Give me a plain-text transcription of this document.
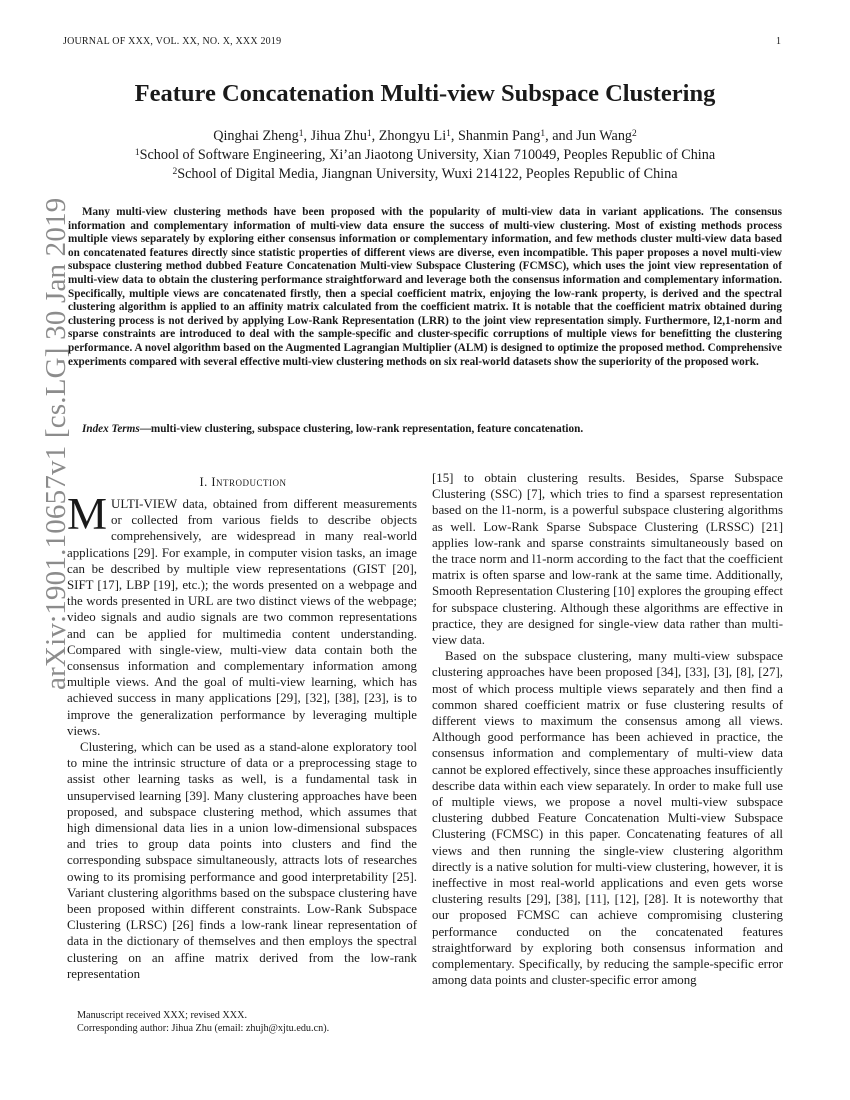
JOURNAL OF XXX, VOL. XX, NO. X, XXX 2019	1
arXiv:1901.10657v1 [cs.LG] 30 Jan 2019
Feature Concatenation Multi-view Subspace Clustering
Qinghai Zheng$^1$, Jihua Zhu$^1$, Zhongyu Li$^1$, Shanmin Pang$^1$, and Jun Wang$^2$
$^1$School of Software Engineering, Xi’an Jiaotong University, Xian 710049, Peoples Republic of China
$^2$School of Digital Media, Jiangnan University, Wuxi 214122, Peoples Republic of China
Many multi-view clustering methods have been proposed with the popularity of multi-view data in variant applications. The consensus information and complementary information of multi-view data ensure the success of multi-view clustering. Most of existing methods process multiple views separately by exploring either consensus information or complementary information, and few methods cluster multi-view data based on concatenated features directly since statistic properties of different views are diverse, even incompatible. This paper proposes a novel multi-view subspace clustering method dubbed Feature Concatenation Multi-view Subspace Clustering (FCMSC), which uses the joint view representation of multi-view data to obtain the clustering performance straightforward and leverage both the consensus information and complementary information. Specifically, multiple views are concatenated firstly, then a special coefficient matrix, enjoying the low-rank property, is derived and the spectral clustering algorithm is applied to an affinity matrix calculated from the coefficient matrix. It is notable that the coefficient matrix obtained during clustering process is not derived by applying Low-Rank Representation (LRR) to the joint view representation simply. Furthermore, l2,1-norm and sparse constraints are introduced to deal with the sample-specific and cluster-specific corruptions of multiple views for benefitting the clustering performance. A novel algorithm based on the Augmented Lagrangian Multiplier (ALM) is designed to optimize the proposed method. Comprehensive experiments compared with several effective multi-view clustering methods on six real-world datasets show the superiority of the proposed work.
Index Terms—multi-view clustering, subspace clustering, low-rank representation, feature concatenation.
I. Introduction

MULTI-VIEW data, obtained from different measurements or collected from various fields to describe objects comprehensively, are widespread in many real-world applications [29]. For example, in computer vision tasks, an image can be described by multiple view representations (GIST [20], SIFT [17], LBP [19], etc.); the words presented on a webpage and the words presented in URL are two distinct views of the webpage; video signals and audio signals are two common representations and can be applied for multimedia content understanding. Compared with single-view, multi-view data contain both the consensus information and complementary information among multiple views. And the goal of multi-view learning, which has achieved success in many applications [29], [32], [38], [23], is to improve the generalization performance by leveraging multiple views.

Clustering, which can be used as a stand-alone exploratory tool to mine the intrinsic structure of data or a preprocessing stage to assist other learning tasks as well, is a fundamental task in unsupervised learning [39]. Many clustering approaches have been proposed, and subspace clustering method, which assumes that high dimensional data lies in a union low-dimensional subspaces and tries to group data points into clusters and find the corresponding subspace simultaneously, attracts lots of researches owing to its promising performance and good interpretability [25]. Variant clustering algorithms based on the subspace clustering have been proposed within different constraints. Low-Rank Subspace Clustering (LRSC) [26] finds a low-rank linear representation of data in the dictionary of themselves and then employs the spectral clustering on an affine matrix derived from the low-rank representation

[15] to obtain clustering results. Besides, Sparse Subspace Clustering (SSC) [7], which tries to find a sparsest representation based on the l1-norm, is a powerful subspace clustering algorithms as well. Low-Rank Sparse Subspace Clustering (LRSSC) [21] applies low-rank and sparse constraints simultaneously based on the trace norm and l1-norm according to the fact that the coefficient matrix is often sparse and low-rank at the same time. Additionally, Smooth Representation Clustering [10] explores the grouping effect for subspace clustering. Although these algorithms are effective in practice, they are designed for single-view data rather than multi-view data.

Based on the subspace clustering, many multi-view subspace clustering approaches have been proposed [34], [33], [3], [8], [27], most of which process multiple views separately and then find a common shared coefficient matrix or fuse clustering results of different views to maximum the consensus among all views. Although good performance has been achieved in practice, the consensus information and complementary of multi-view data cannot be explored effectively, since these approaches insufficiently describe data within each view separately. In order to make full use of multiple views, we propose a novel multi-view subspace clustering dubbed Feature Concatenation Multi-view Subspace Clustering (FCMSC) in this paper. Concatenating features of all views and then running the single-view clustering algorithm directly is a native solution for multi-view clustering, however, it is ineffective in most real-world applications and even gets worse clustering results [29], [38], [11], [12], [28]. It is noteworthy that our proposed FCMSC can achieve compromising clustering performance conducted on the concatenated features straightforward by exploring both consensus information and complementary. Specifically, by reducing the sample-specific error among data points and cluster-specific error among

Manuscript received XXX; revised XXX.
Corresponding author: Jihua Zhu (email: zhujh@xjtu.edu.cn).
